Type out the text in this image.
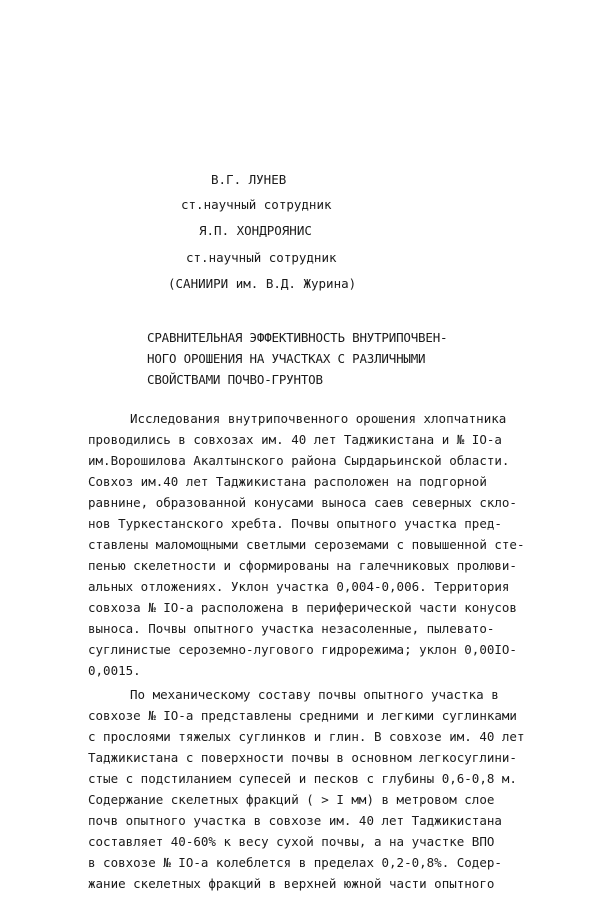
В.Г. ЛУНЕВ
ст.научный сотрудник
Я.П. ХОНДРОЯНИС
ст.научный сотрудник
(САНИИРИ им. В.Д. Журина)
СРАВНИТЕЛЬНАЯ ЭФФЕКТИВНОСТЬ ВНУТРИПОЧВЕН-
НОГО ОРОШЕНИЯ НА УЧАСТКАХ С РАЗЛИЧНЫМИ
СВОЙСТВАМИ ПОЧВО-ГРУНТОВ
Исследования внутрипочвенного орошения хлопчатника
проводились в совхозах им. 40 лет Таджикистана и № IO-а
им.Ворошилова Акалтынского района Сырдарьинской области.
Совхоз им.40 лет Таджикистана расположен на подгорной
равнине, образованной конусами выноса саев северных скло-
нов Туркестанского хребта. Почвы опытного участка пред-
ставлены маломощными светлыми сероземами с повышенной сте-
пенью скелетности и сформированы на галечниковых пролюви-
альных отложениях. Уклон участка 0,004-0,006. Территория
совхоза № IO-а расположена в периферической части конусов
выноса. Почвы опытного участка незасоленные, пылевато-
суглинистые сероземно-лугового гидрорежима; уклон 0,00IO-
0,0015.
По механическому составу почвы опытного участка в
совхозе № IO-а представлены средними и легкими суглинками
с прослоями тяжелых суглинков и глин. В совхозе им. 40 лет
Таджикистана с поверхности почвы в основном легкосуглини-
стые с подстиланием супесей и песков с глубины 0,6-0,8 м.
Содержание скелетных фракций ( > I мм) в метровом слое
почв опытного участка в совхозе им. 40 лет Таджикистана
составляет 40-60% к весу сухой почвы, а на участке ВПО
в совхозе № IO-а колеблется в пределах 0,2-0,8%. Содер-
жание скелетных фракций в верхней южной части опытного
